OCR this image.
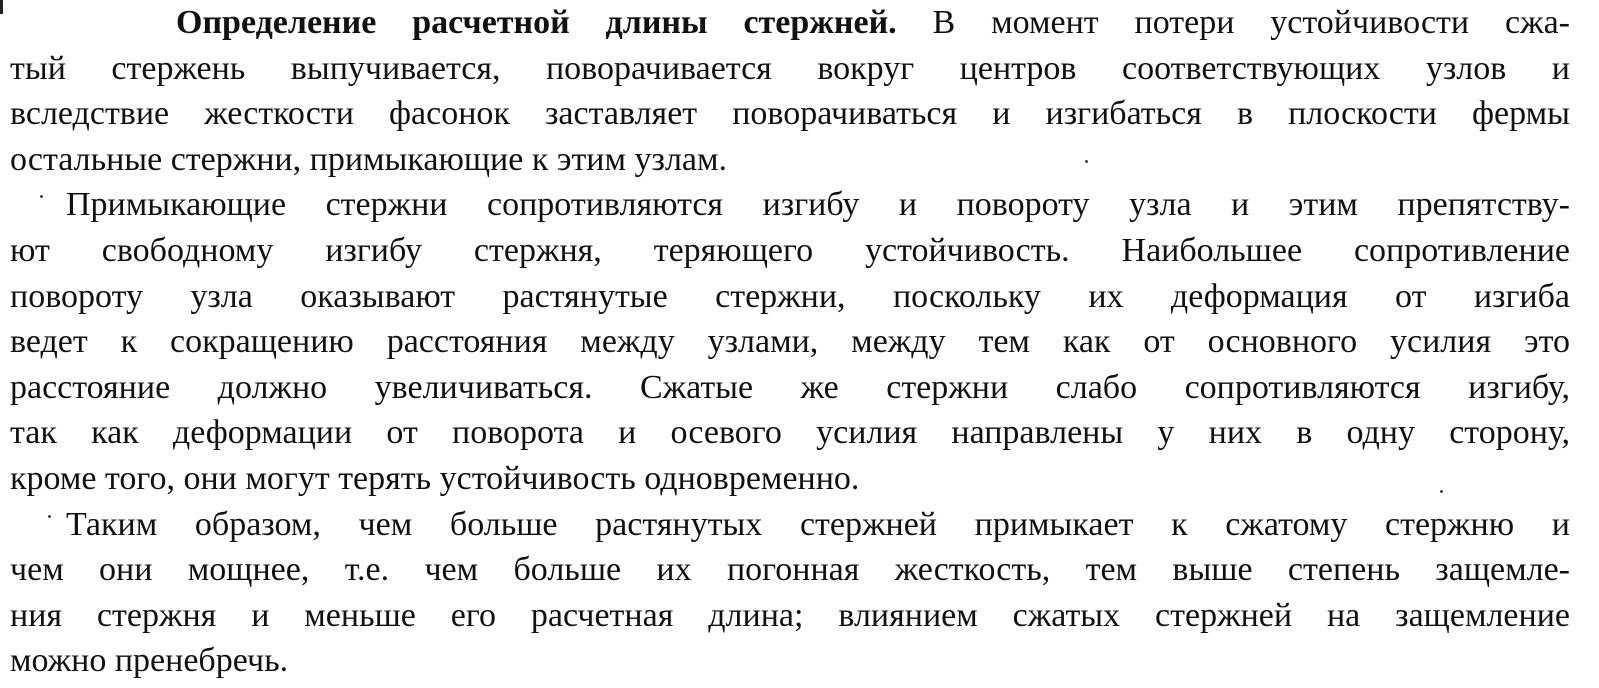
Определение расчетной длины стержней. В момент потери устойчивости сжа-
тый стержень выпучивается, поворачивается вокруг центров соответствующих узлов и
вследствие жесткости фасонок заставляет поворачиваться и изгибаться в плоскости фермы
остальные стержни, примыкающие к этим узлам.
Примыкающие стержни сопротивляются изгибу и повороту узла и этим препятству-
ют свободному изгибу стержня, теряющего устойчивость. Наибольшее сопротивление
повороту узла оказывают растянутые стержни, поскольку их деформация от изгиба
ведет к сокращению расстояния между узлами, между тем как от основного усилия это
расстояние должно увеличиваться. Сжатые же стержни слабо сопротивляются изгибу,
так как деформации от поворота и осевого усилия направлены у них в одну сторону,
кроме того, они могут терять устойчивость одновременно.
Таким образом, чем больше растянутых стержней примыкает к сжатому стержню и
чем они мощнее, т.е. чем больше их погонная жесткость, тем выше степень защемле-
ния стержня и меньше его расчетная длина; влиянием сжатых стержней на защемление
можно пренебречь.
